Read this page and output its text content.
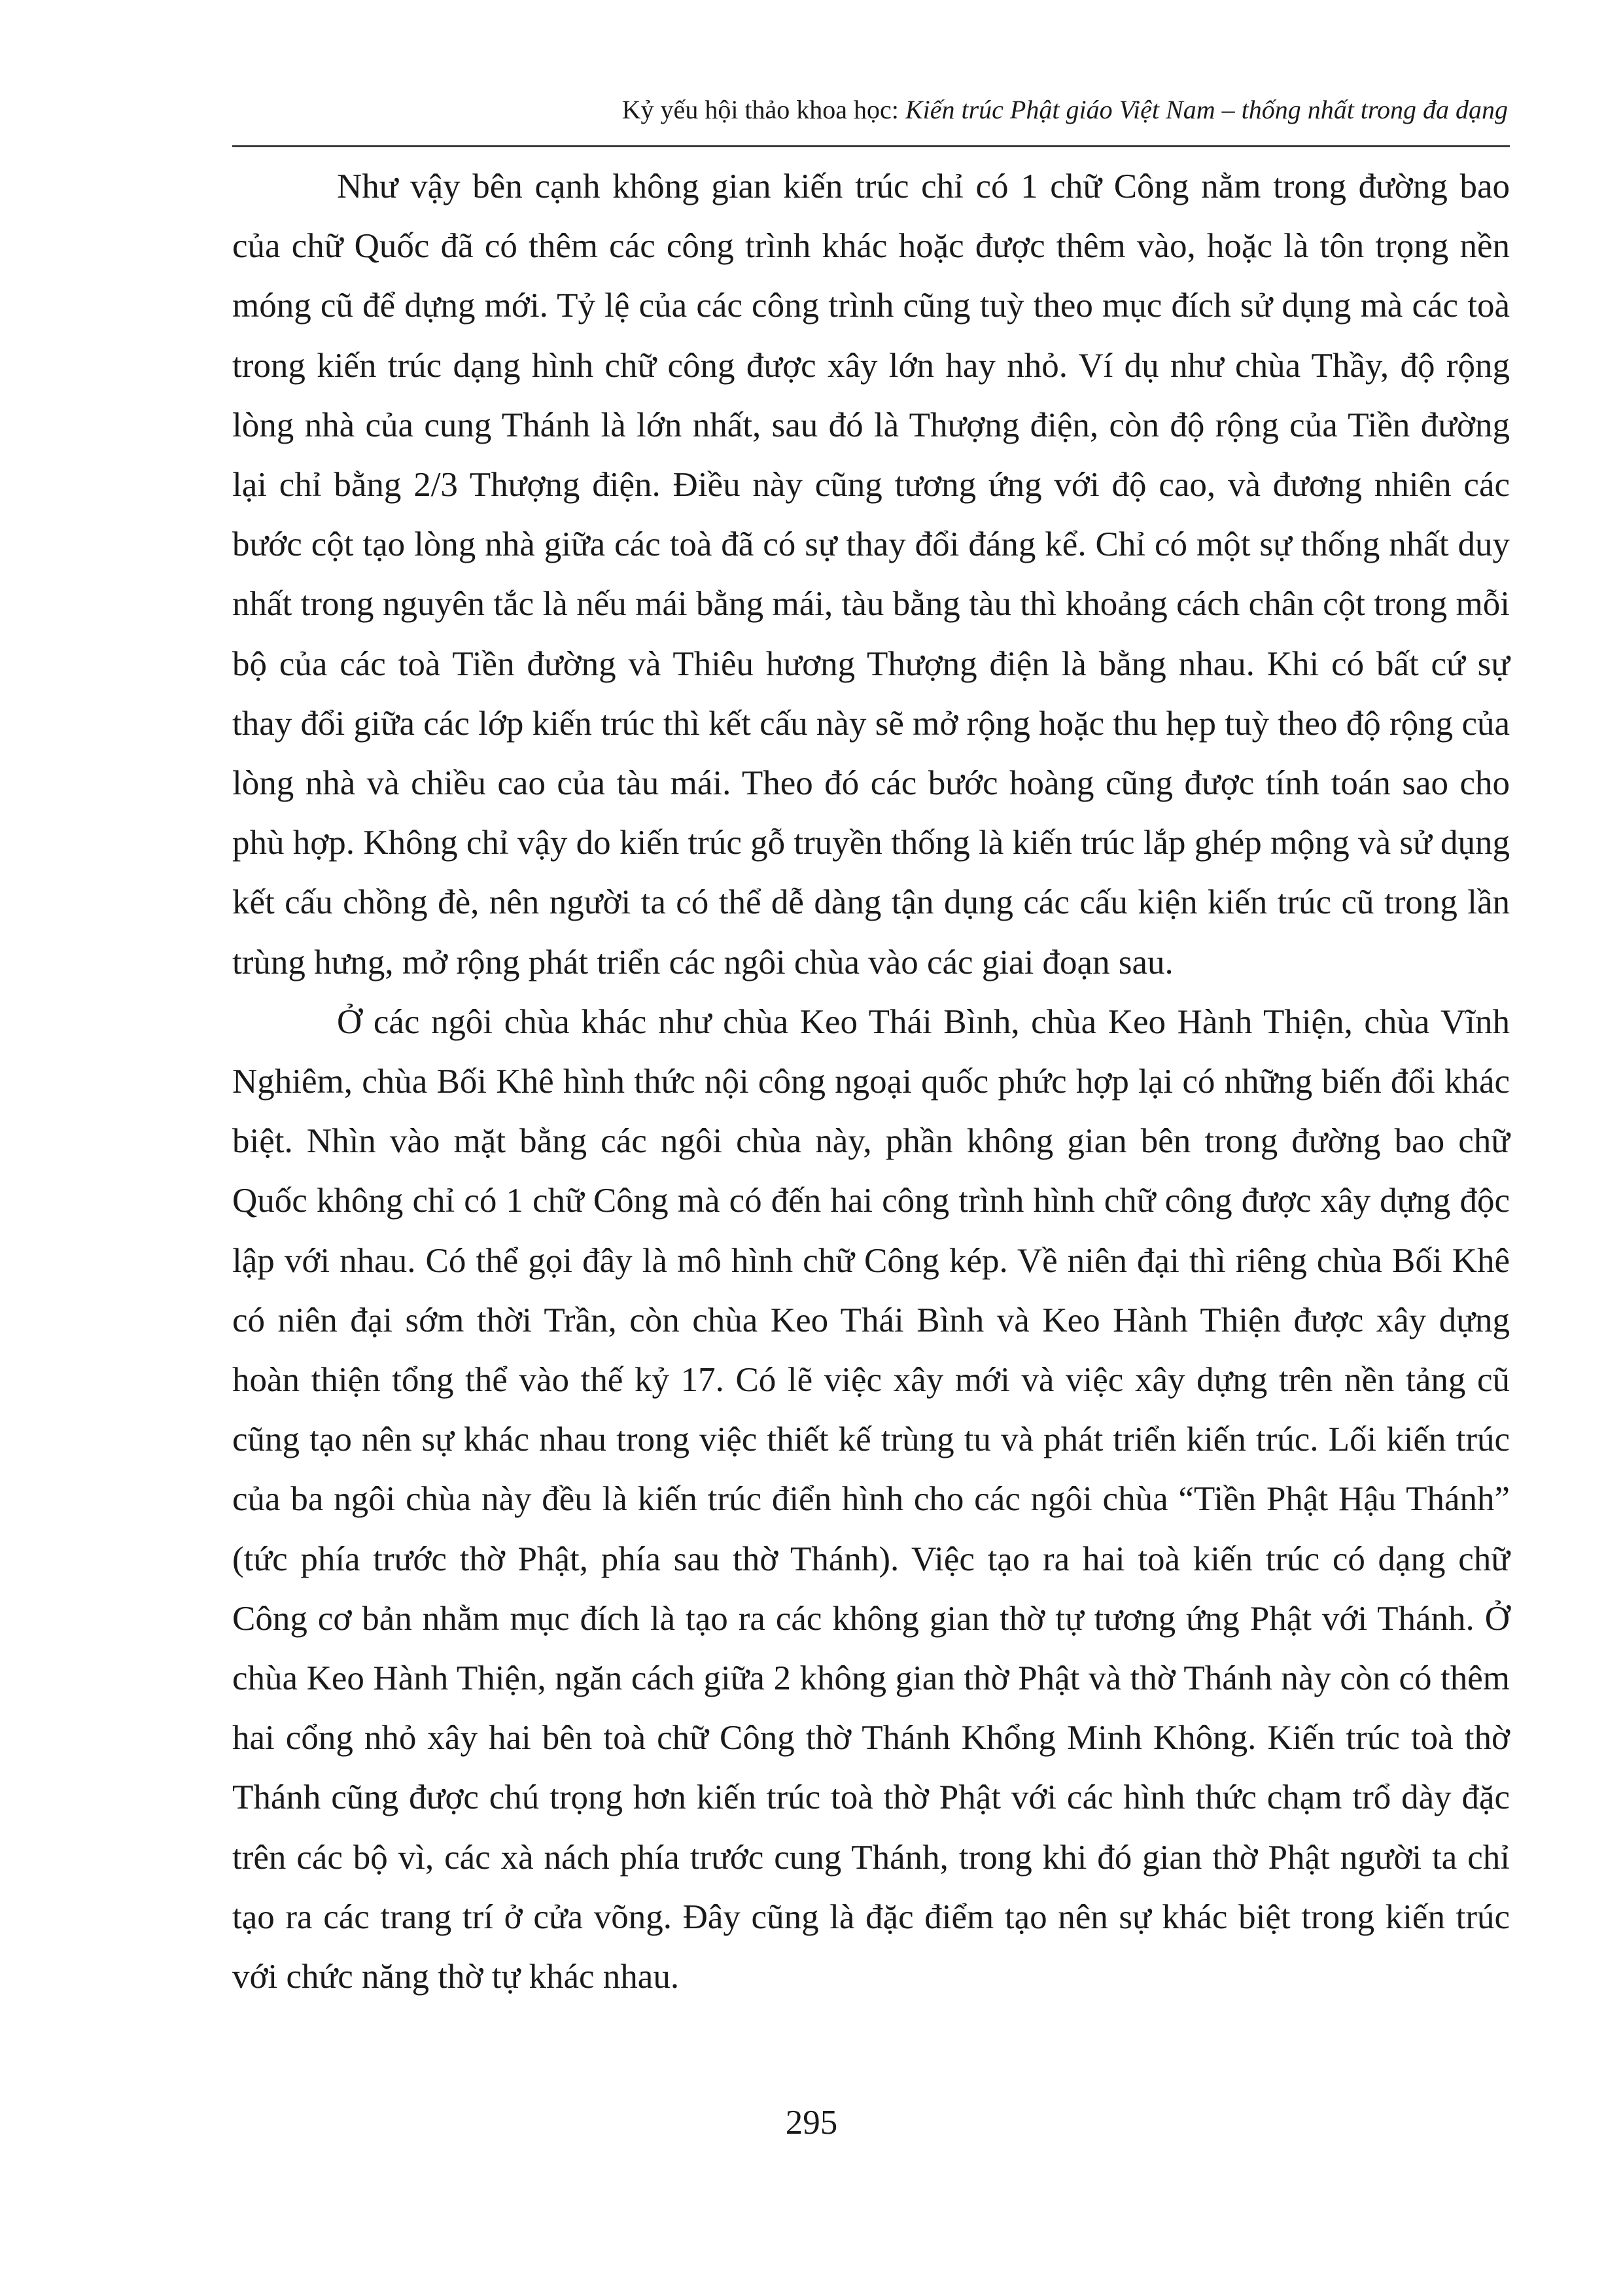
Kỷ yếu hội thảo khoa học: Kiến trúc Phật giáo Việt Nam – thống nhất trong đa dạng

Như vậy bên cạnh không gian kiến trúc chỉ có 1 chữ Công nằm trong đường bao của chữ Quốc đã có thêm các công trình khác hoặc được thêm vào, hoặc là tôn trọng nền móng cũ để dựng mới. Tỷ lệ của các công trình cũng tuỳ theo mục đích sử dụng mà các toà trong kiến trúc dạng hình chữ công được xây lớn hay nhỏ. Ví dụ như chùa Thầy, độ rộng lòng nhà của cung Thánh là lớn nhất, sau đó là Thượng điện, còn độ rộng của Tiền đường lại chỉ bằng 2/3 Thượng điện. Điều này cũng tương ứng với độ cao, và đương nhiên các bước cột tạo lòng nhà giữa các toà đã có sự thay đổi đáng kể. Chỉ có một sự thống nhất duy nhất trong nguyên tắc là nếu mái bằng mái, tàu bằng tàu thì khoảng cách chân cột trong mỗi bộ của các toà Tiền đường và Thiêu hương Thượng điện là bằng nhau. Khi có bất cứ sự thay đổi giữa các lớp kiến trúc thì kết cấu này sẽ mở rộng hoặc thu hẹp tuỳ theo độ rộng của lòng nhà và chiều cao của tàu mái. Theo đó các bước hoàng cũng được tính toán sao cho phù hợp. Không chỉ vậy do kiến trúc gỗ truyền thống là kiến trúc lắp ghép mộng và sử dụng kết cấu chồng đè, nên người ta có thể dễ dàng tận dụng các cấu kiện kiến trúc cũ trong lần trùng hưng, mở rộng phát triển các ngôi chùa vào các giai đoạn sau.

Ở các ngôi chùa khác như chùa Keo Thái Bình, chùa Keo Hành Thiện, chùa Vĩnh Nghiêm, chùa Bối Khê hình thức nội công ngoại quốc phức hợp lại có những biến đổi khác biệt. Nhìn vào mặt bằng các ngôi chùa này, phần không gian bên trong đường bao chữ Quốc không chỉ có 1 chữ Công mà có đến hai công trình hình chữ công được xây dựng độc lập với nhau. Có thể gọi đây là mô hình chữ Công kép. Về niên đại thì riêng chùa Bối Khê có niên đại sớm thời Trần, còn chùa Keo Thái Bình và Keo Hành Thiện được xây dựng hoàn thiện tổng thể vào thế kỷ 17. Có lẽ việc xây mới và việc xây dựng trên nền tảng cũ cũng tạo nên sự khác nhau trong việc thiết kế trùng tu và phát triển kiến trúc. Lối kiến trúc của ba ngôi chùa này đều là kiến trúc điển hình cho các ngôi chùa “Tiền Phật Hậu Thánh” (tức phía trước thờ Phật, phía sau thờ Thánh). Việc tạo ra hai toà kiến trúc có dạng chữ Công cơ bản nhằm mục đích là tạo ra các không gian thờ tự tương ứng Phật với Thánh. Ở chùa Keo Hành Thiện, ngăn cách giữa 2 không gian thờ Phật và thờ Thánh này còn có thêm hai cổng nhỏ xây hai bên toà chữ Công thờ Thánh Khổng Minh Không. Kiến trúc toà thờ Thánh cũng được chú trọng hơn kiến trúc toà thờ Phật với các hình thức chạm trổ dày đặc trên các bộ vì, các xà nách phía trước cung Thánh, trong khi đó gian thờ Phật người ta chỉ tạo ra các trang trí ở cửa võng. Đây cũng là đặc điểm tạo nên sự khác biệt trong kiến trúc với chức năng thờ tự khác nhau.

295
